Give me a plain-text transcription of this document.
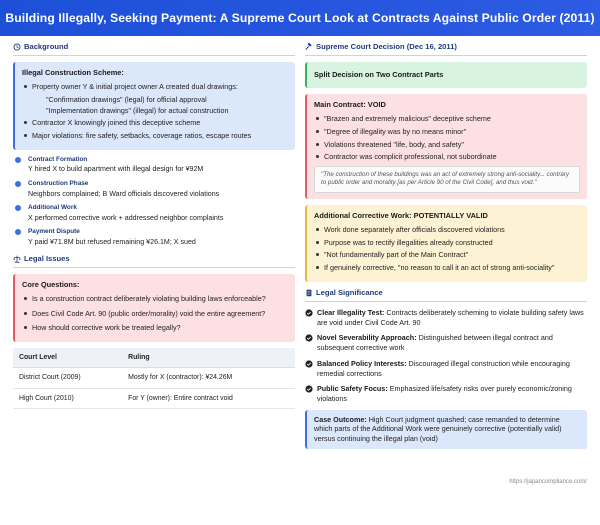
Building Illegally, Seeking Payment: A Supreme Court Look at Contracts Against Public Order (2011)
Background
Illegal Construction Scheme:
Property owner Y & initial project owner A created dual drawings:
"Confirmation drawings" (legal) for official approval
"Implementation drawings" (illegal) for actual construction
Contractor X knowingly joined this deceptive scheme
Major violations: fire safety, setbacks, coverage ratios, escape routes
Contract Formation
Y hired X to build apartment with illegal design for ¥92M
Construction Phase
Neighbors complained; B Ward officials discovered violations
Additional Work
X performed corrective work + addressed neighbor complaints
Payment Dispute
Y paid ¥71.8M but refused remaining ¥26.1M; X sued
Legal Issues
Core Questions:
Is a construction contract deliberately violating building laws enforceable?
Does Civil Code Art. 90 (public order/morality) void the entire agreement?
How should corrective work be treated legally?
Court Level	Ruling
District Court (2009)	Mostly for X (contractor): ¥24.26M
High Court (2010)	For Y (owner): Entire contract void
Supreme Court Decision (Dec 16, 2011)
Split Decision on Two Contract Parts
Main Contract: VOID
"Brazen and extremely malicious" deceptive scheme
"Degree of illegality was by no means minor"
Violations threatened "life, body, and safety"
Contractor was complicit professional, not subordinate
"The construction of these buildings was an act of extremely strong anti-sociality... contrary to public order and morality [as per Article 90 of the Civil Code], and thus void."
Additional Corrective Work: POTENTIALLY VALID
Work done separately after officials discovered violations
Purpose was to rectify illegalities already constructed
"Not fundamentally part of the Main Contract"
If genuinely corrective, "no reason to call it an act of strong anti-sociality"
Legal Significance
Clear Illegality Test: Contracts deliberately scheming to violate building safety laws are void under Civil Code Art. 90
Novel Severability Approach: Distinguished between illegal contract and subsequent corrective work
Balanced Policy Interests: Discouraged illegal construction while encouraging remedial corrections
Public Safety Focus: Emphasized life/safety risks over purely economic/zoning violations
Case Outcome: High Court judgment quashed; case remanded to determine which parts of the Additional Work were genuinely corrective (potentially valid) versus continuing the illegal plan (void)
https://japancompliance.com/
